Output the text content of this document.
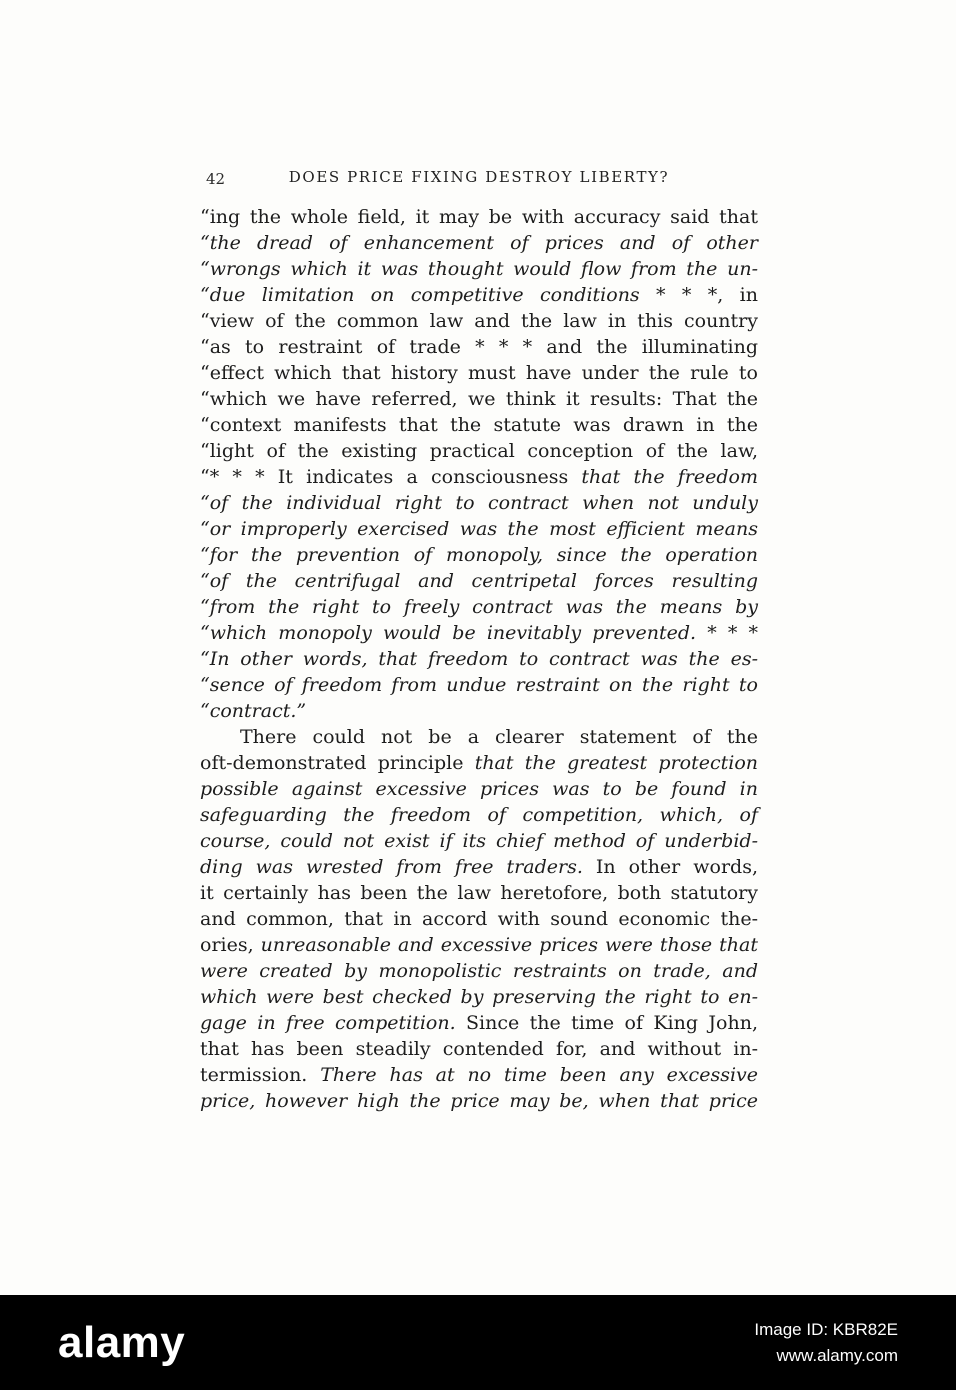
42	DOES PRICE FIXING DESTROY LIBERTY?
“ing the whole field, it may be with accuracy said that
“the dread of enhancement of prices and of other
“wrongs which it was thought would flow from the un-
“due limitation on competitive conditions * * *, in
“view of the common law and the law in this country
“as to restraint of trade * * * and the illuminating
“effect which that history must have under the rule to
“which we have referred, we think it results: That the
“context manifests that the statute was drawn in the
“light of the existing practical conception of the law,
“* * * It indicates a consciousness that the freedom
“of the individual right to contract when not unduly
“or improperly exercised was the most efficient means
“for the prevention of monopoly, since the operation
“of the centrifugal and centripetal forces resulting
“from the right to freely contract was the means by
“which monopoly would be inevitably prevented. * * *
“In other words, that freedom to contract was the es-
“sence of freedom from undue restraint on the right to
“contract.”
There could not be a clearer statement of the
oft-demonstrated principle that the greatest protection
possible against excessive prices was to be found in
safeguarding the freedom of competition, which, of
course, could not exist if its chief method of underbid-
ding was wrested from free traders. In other words,
it certainly has been the law heretofore, both statutory
and common, that in accord with sound economic the-
ories, unreasonable and excessive prices were those that
were created by monopolistic restraints on trade, and
which were best checked by preserving the right to en-
gage in free competition. Since the time of King John,
that has been steadily contended for, and without in-
termission. There has at no time been any excessive
price, however high the price may be, when that price
alamy	Image ID: KBR82E
www.alamy.com
